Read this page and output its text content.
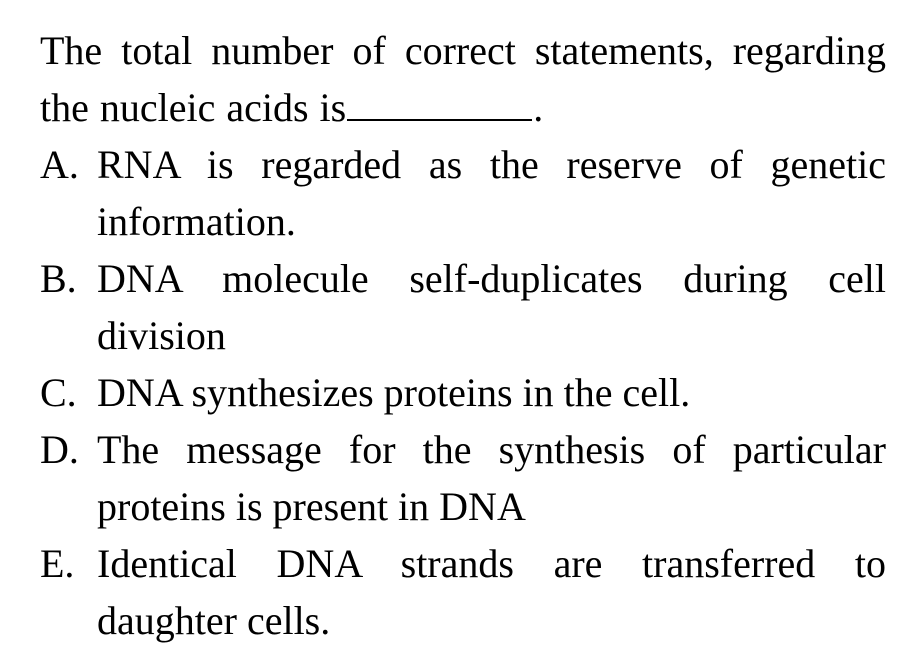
The total number of correct statements, regarding the nucleic acids is	.
A. RNA is regarded as the reserve of genetic information.
B. DNA molecule self-duplicates during cell division
C. DNA synthesizes proteins in the cell.
D. The message for the synthesis of particular proteins is present in DNA
E. Identical DNA strands are transferred to daughter cells.
